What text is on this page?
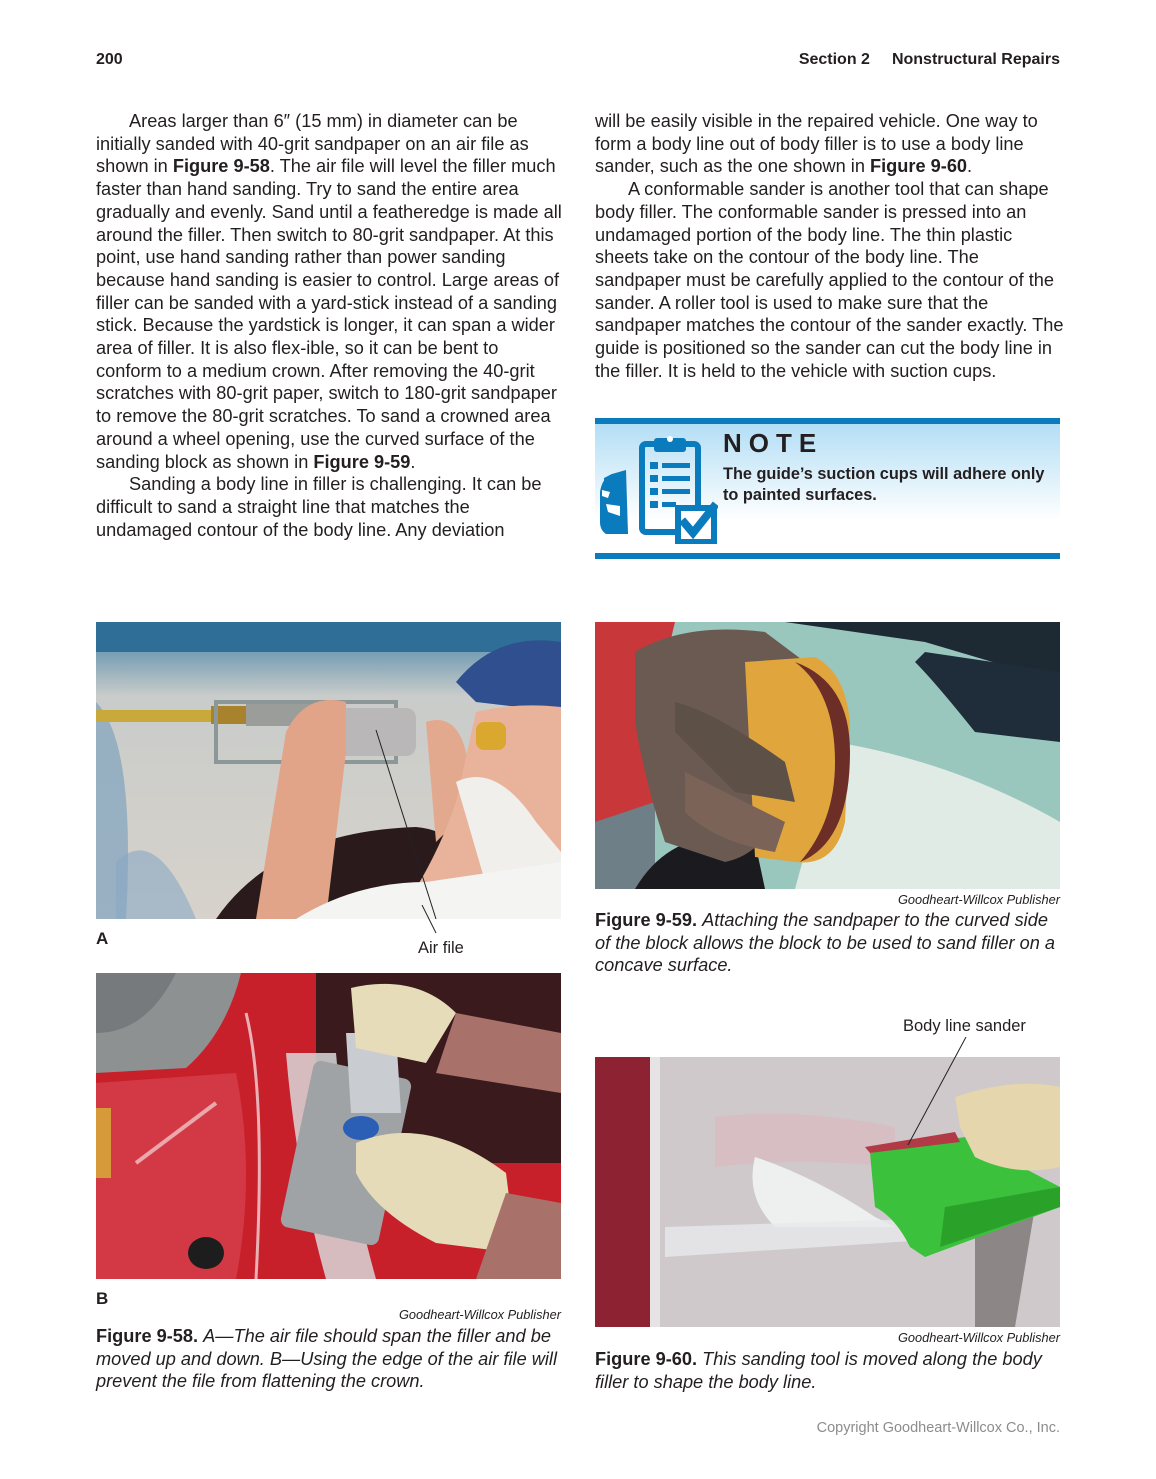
200	Section 2 Nonstructural Repairs

Areas larger than 6″ (15 mm) in diameter can be initially sanded with 40-grit sandpaper on an air file as shown in Figure 9-58. The air file will level the filler much faster than hand sanding. Try to sand the entire area gradually and evenly. Sand until a featheredge is made all around the filler. Then switch to 80-grit sandpaper. At this point, use hand sanding rather than power sanding because hand sanding is easier to control. Large areas of filler can be sanded with a yard-stick instead of a sanding stick. Because the yardstick is longer, it can span a wider area of filler. It is also flex-ible, so it can be bent to conform to a medium crown. After removing the 40-grit scratches with 80-grit paper, switch to 180-grit sandpaper to remove the 80-grit scratches. To sand a crowned area around a wheel opening, use the curved surface of the sanding block as shown in Figure 9-59.

Sanding a body line in filler is challenging. It can be difficult to sand a straight line that matches the undamaged contour of the body line. Any deviation

will be easily visible in the repaired vehicle. One way to form a body line out of body filler is to use a body line sander, such as the one shown in Figure 9-60.

A conformable sander is another tool that can shape body filler. The conformable sander is pressed into an undamaged portion of the body line. The thin plastic sheets take on the contour of the body line. The sandpaper must be carefully applied to the contour of the sander. A roller tool is used to make sure that the sandpaper matches the contour of the sander exactly. The guide is positioned so the sander can cut the body line in the filler. It is held to the vehicle with suction cups.

NOTE
The guide’s suction cups will adhere only to painted surfaces.
A	Air file
B
Goodheart-Willcox Publisher
Figure 9-58. A—The air file should span the filler and be moved up and down. B—Using the edge of the air file will prevent the file from flattening the crown.
Goodheart-Willcox Publisher
Figure 9-59. Attaching the sandpaper to the curved side of the block allows the block to be used to sand filler on a concave surface.
Body line sander
Goodheart-Willcox Publisher
Figure 9-60. This sanding tool is moved along the body filler to shape the body line.
Copyright Goodheart-Willcox Co., Inc.
